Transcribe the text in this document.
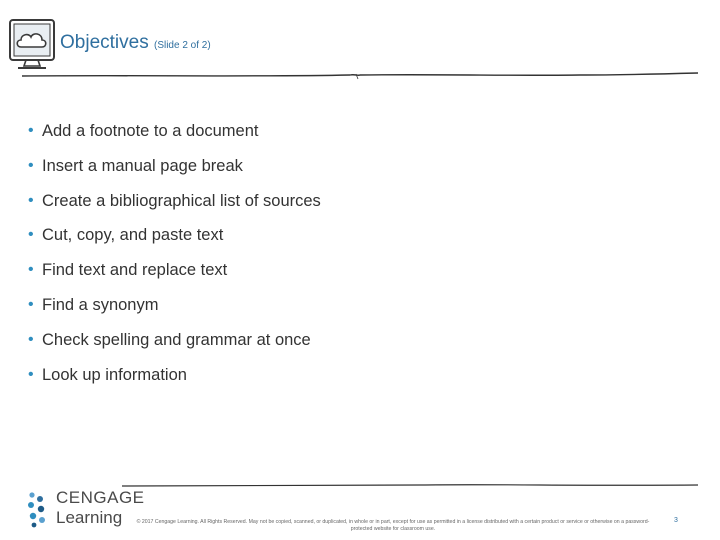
Objectives (Slide 2 of 2)
• Add a footnote to a document
• Insert a manual page break
• Create a bibliographical list of sources
• Cut, copy, and paste text
• Find text and replace text
• Find a synonym
• Check spelling and grammar at once
• Look up information
CENGAGE
Learning	© 2017 Cengage Learning. All Rights Reserved. May not be copied, scanned, or duplicated, in whole or in part, except for use as permitted in a license distributed with a certain product or service or otherwise on a password-protected website for classroom use.
3
